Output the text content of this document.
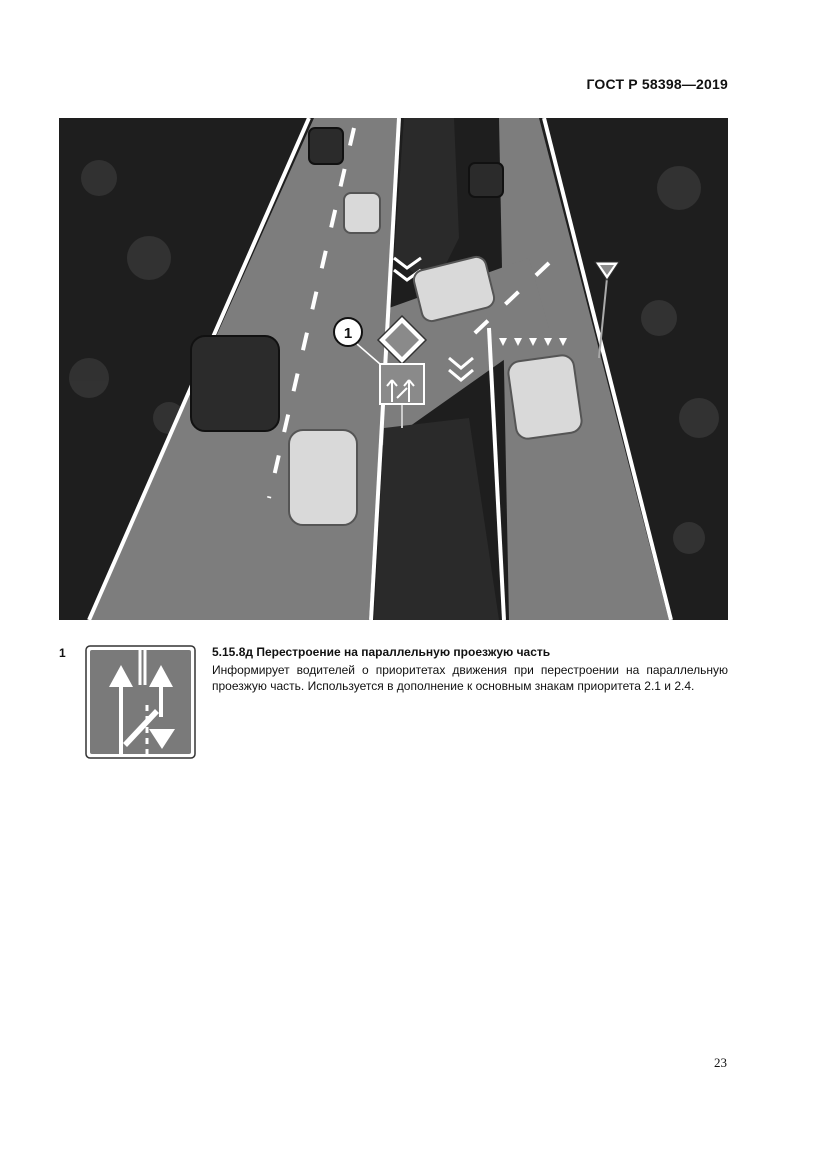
ГОСТ Р 58398—2019
1
1	5.15.8д Перестроение на параллельную проезжую часть

Информирует водителей о приоритетах движения при перестроении на параллельную проезжую часть. Используется в дополнение к основным знакам приоритета 2.1 и 2.4.

23
